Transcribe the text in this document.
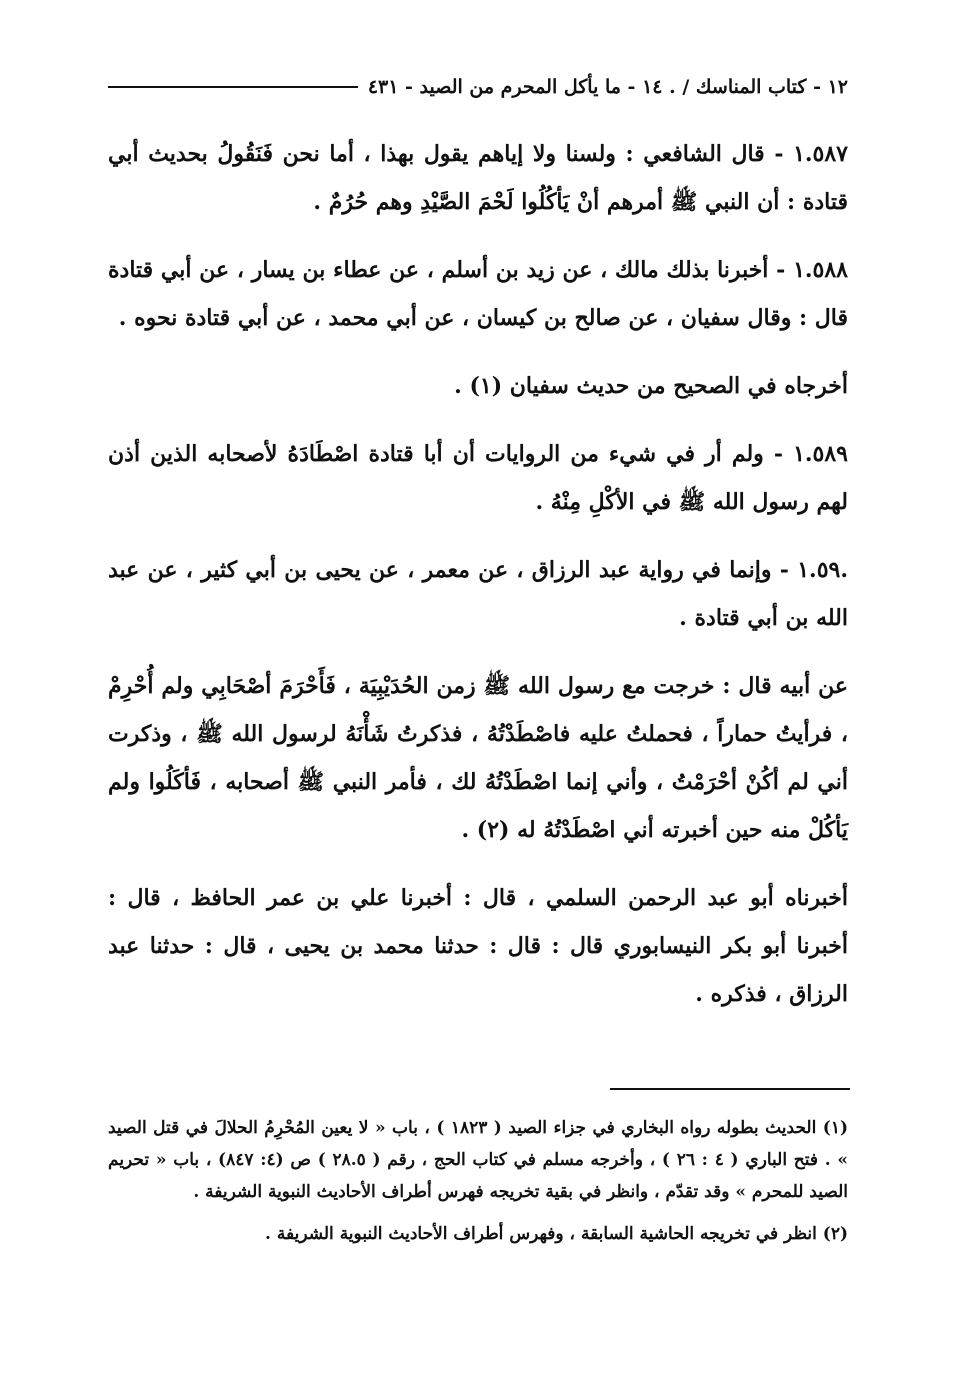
١٢ - كتاب المناسك / . ١٤ - ما يأكل المحرم من الصيد - ٤٣١

١.٥٨٧ - قال الشافعي : ولسنا ولا إياهم يقول بهذا ، أما نحن فَنَقُولُ بحديث أبي قتادة : أن النبي ﷺ أمرهم أنْ يَأكُلُوا لَحْمَ الصَّيْدِ وهم حُرُمٌ .

١.٥٨٨ - أخبرنا بذلك مالك ، عن زيد بن أسلم ، عن عطاء بن يسار ، عن أبي قتادة قال : وقال سفيان ، عن صالح بن كيسان ، عن أبي محمد ، عن أبي قتادة نحوه .

أخرجاه في الصحيح من حديث سفيان (١) .

١.٥٨٩ - ولم أر في شيء من الروايات أن أبا قتادة اصْطَادَهُ لأصحابه الذين أذن لهم رسول الله ﷺ في الأكْلِ مِنْهُ .

.١.٥٩ - وإنما في رواية عبد الرزاق ، عن معمر ، عن يحيى بن أبي كثير ، عن عبد الله بن أبي قتادة .

عن أبيه قال : خرجت مع رسول الله ﷺ زمن الحُدَيْبِيَة ، فَأَحْرَمَ أصْحَابِي ولم أُحْرِمْ ، فرأيتُ حماراً ، فحملتُ عليه فاصْطَدْتُهُ ، فذكرتُ شَأْنَهُ لرسول الله ﷺ ، وذكرت أني لم أكُنْ أحْرَمْتُ ، وأني إنما اصْطَدْتُهُ لك ، فأمر النبي ﷺ أصحابه ، فَأكَلُوا ولم يَأكُلْ منه حين أخبرته أني اصْطَدْتُهُ له (٢) .

أخبرناه أبو عبد الرحمن السلمي ، قال : أخبرنا علي بن عمر الحافظ ، قال : أخبرنا أبو بكر النيسابوري قال : قال : حدثنا محمد بن يحيى ، قال : حدثنا عبد الرزاق ، فذكره .

(١) الحديث بطوله رواه البخاري في جزاء الصيد ( ١٨٢٣ ) ، باب « لا يعين المُحْرِمُ الحلالَ في قتل الصيد » . فتح الباري ( ٤ : ٢٦ ) ، وأخرجه مسلم في كتاب الحج ، رقم ( ٢٨.٥ ) ص (٤: ٨٤٧) ، باب « تحريم الصيد للمحرم » وقد تقدّم ، وانظر في بقية تخريجه فهرس أطراف الأحاديث النبوية الشريفة .

(٢) انظر في تخريجه الحاشية السابقة ، وفهرس أطراف الأحاديث النبوية الشريفة .
